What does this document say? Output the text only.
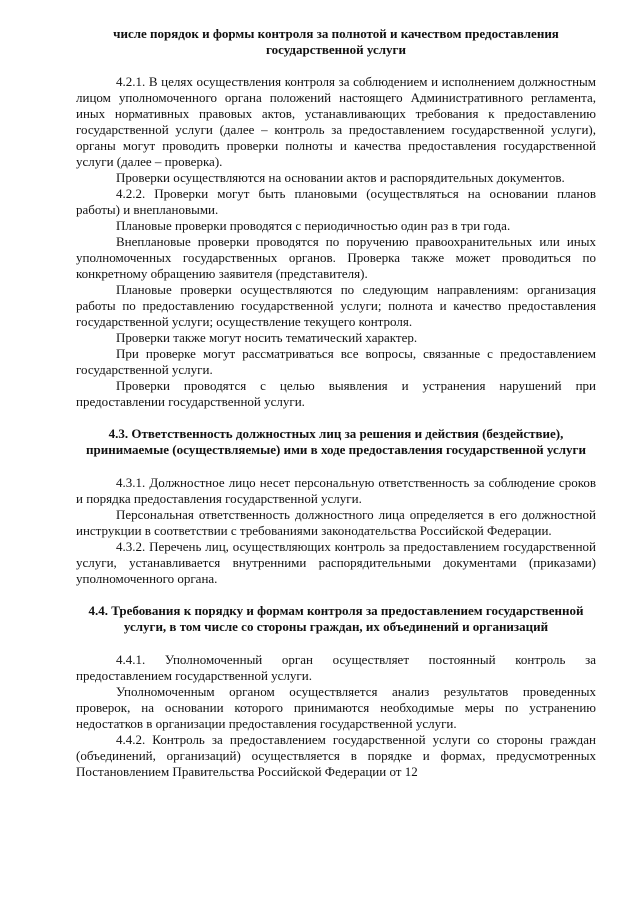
числе порядок и формы контроля за полнотой и качеством предоставления государственной услуги

4.2.1. В целях осуществления контроля за соблюдением и исполнением должностным лицом уполномоченного органа положений настоящего Административного регламента, иных нормативных правовых актов, устанавливающих требования к предоставлению государственной услуги (далее – контроль за предоставлением государственной услуги), органы могут проводить проверки полноты и качества предоставления государственной услуги (далее – проверка).

Проверки осуществляются на основании актов и распорядительных документов.

4.2.2. Проверки могут быть плановыми (осуществляться на основании планов работы) и внеплановыми.

Плановые проверки проводятся с периодичностью один раз в три года.

Внеплановые проверки проводятся по поручению правоохранительных или иных уполномоченных государственных органов. Проверка также может проводиться по конкретному обращению заявителя (представителя).

Плановые проверки осуществляются по следующим направлениям: организация работы по предоставлению государственной услуги; полнота и качество предоставления государственной услуги; осуществление текущего контроля.

Проверки также могут носить тематический характер.

При проверке могут рассматриваться все вопросы, связанные с предоставлением государственной услуги.

Проверки проводятся с целью выявления и устранения нарушений при предоставлении государственной услуги.

4.3. Ответственность должностных лиц за решения и действия (бездействие), принимаемые (осуществляемые) ими в ходе предоставления государственной услуги

4.3.1. Должностное лицо несет персональную ответственность за соблюдение сроков и порядка предоставления государственной услуги.

Персональная ответственность должностного лица определяется в его должностной инструкции в соответствии с требованиями законодательства Российской Федерации.

4.3.2. Перечень лиц, осуществляющих контроль за предоставлением государственной услуги, устанавливается внутренними распорядительными документами (приказами) уполномоченного органа.

4.4. Требования к порядку и формам контроля за предоставлением государственной услуги, в том числе со стороны граждан, их объединений и организаций

4.4.1. Уполномоченный орган осуществляет постоянный контроль за предоставлением государственной услуги.

Уполномоченным органом осуществляется анализ результатов проведенных проверок, на основании которого принимаются необходимые меры по устранению недостатков в организации предоставления государственной услуги.

4.4.2. Контроль за предоставлением государственной услуги со стороны граждан (объединений, организаций) осуществляется в порядке и формах, предусмотренных Постановлением Правительства Российской Федерации от 12
